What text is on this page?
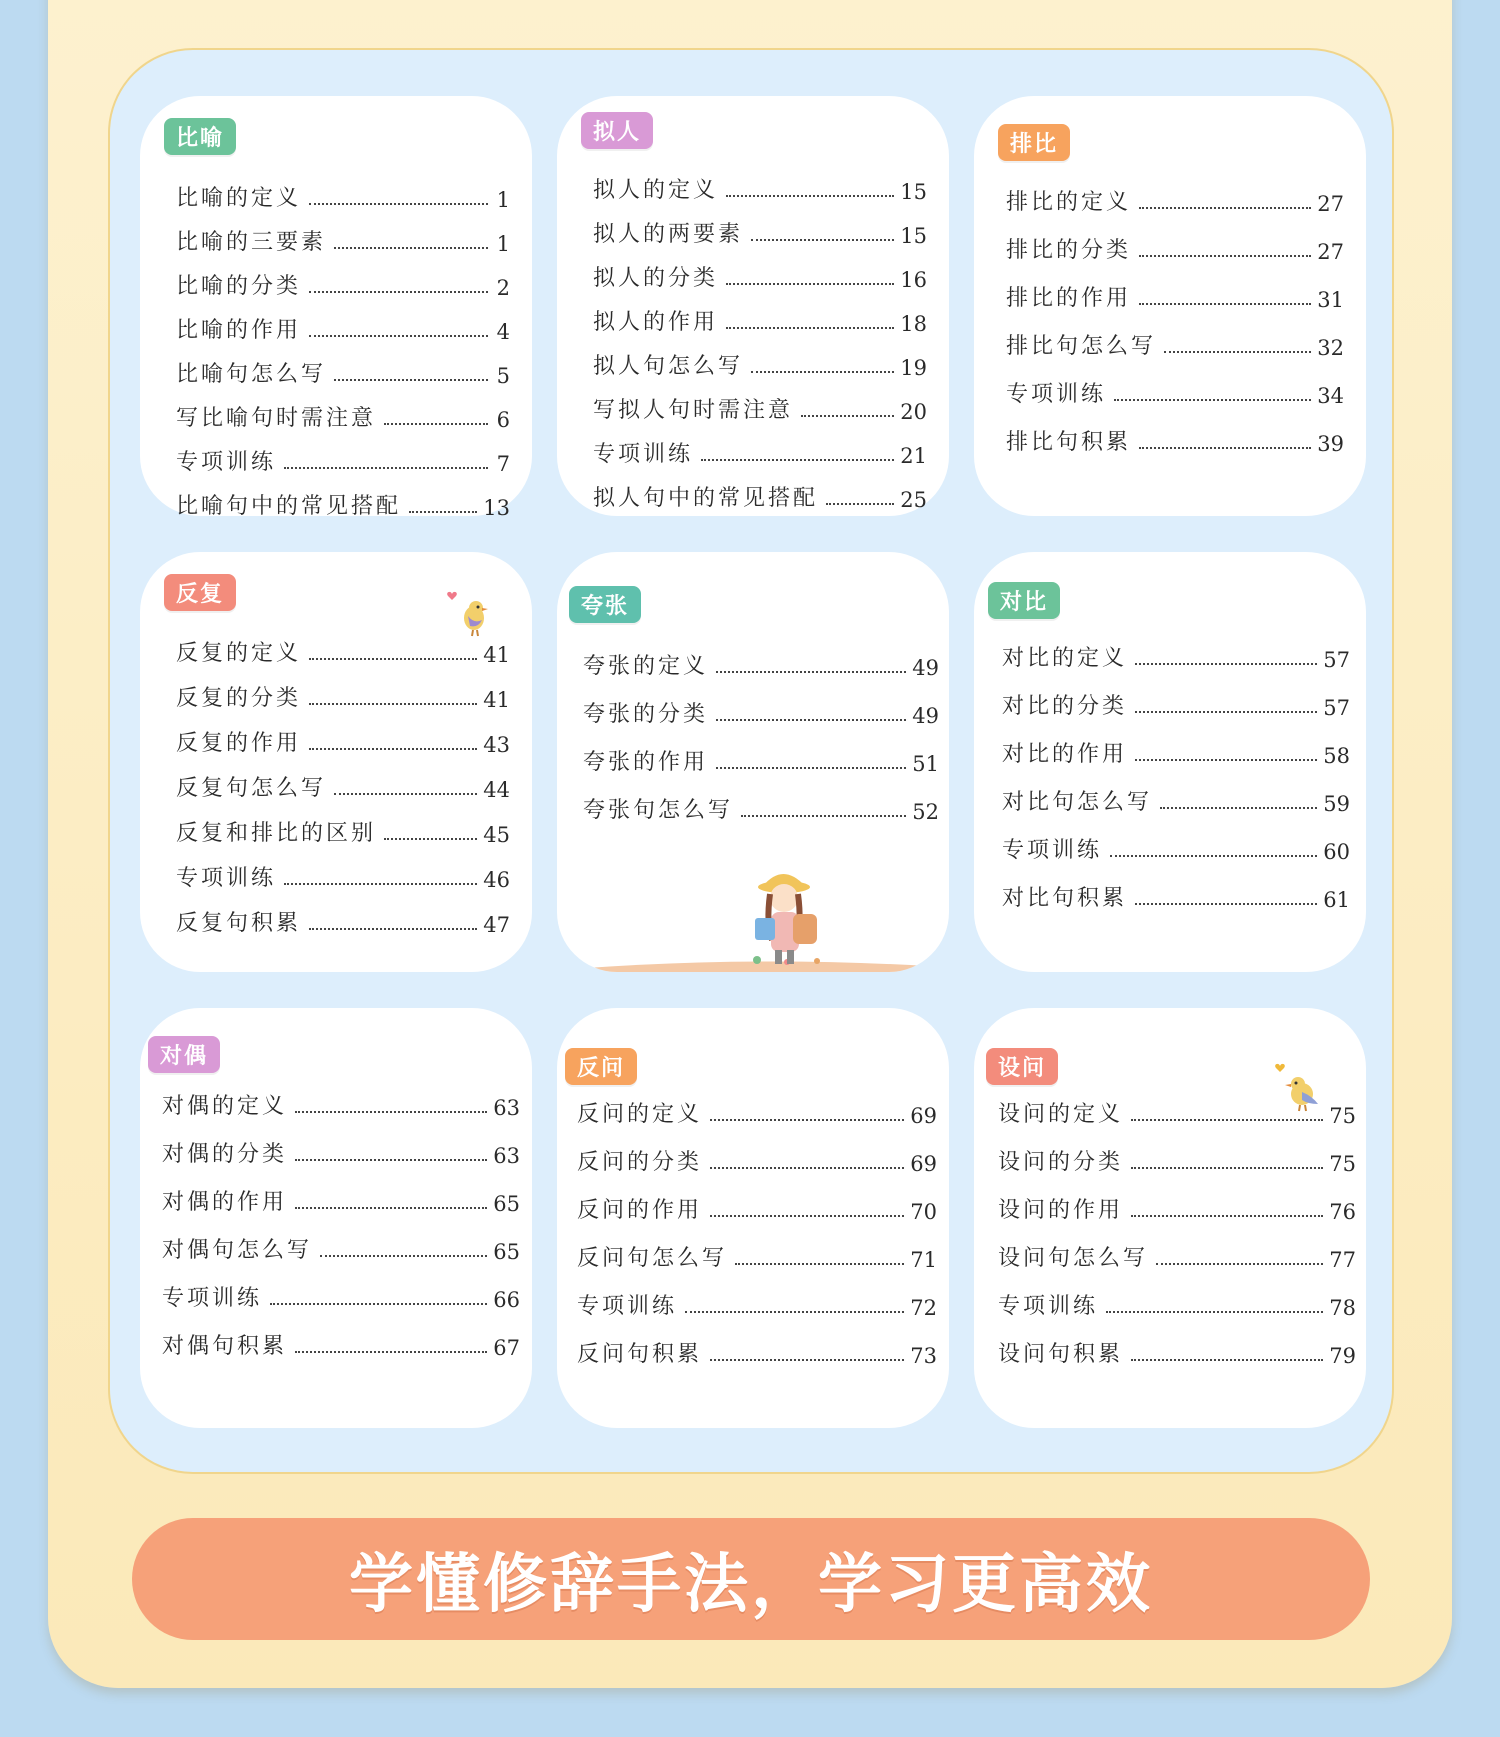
比喻
比喻的定义	1
比喻的三要素	1
比喻的分类	2
比喻的作用	4
比喻句怎么写	5
写比喻句时需注意	6
专项训练	7
比喻句中的常见搭配	13
拟人
拟人的定义	15
拟人的两要素	15
拟人的分类	16
拟人的作用	18
拟人句怎么写	19
写拟人句时需注意	20
专项训练	21
拟人句中的常见搭配	25
排比
排比的定义	27
排比的分类	27
排比的作用	31
排比句怎么写	32
专项训练	34
排比句积累	39
反复
反复的定义	41
反复的分类	41
反复的作用	43
反复句怎么写	44
反复和排比的区别	45
专项训练	46
反复句积累	47
夸张
夸张的定义	49
夸张的分类	49
夸张的作用	51
夸张句怎么写	52
对比
对比的定义	57
对比的分类	57
对比的作用	58
对比句怎么写	59
专项训练	60
对比句积累	61
对偶
对偶的定义	63
对偶的分类	63
对偶的作用	65
对偶句怎么写	65
专项训练	66
对偶句积累	67
反问
反问的定义	69
反问的分类	69
反问的作用	70
反问句怎么写	71
专项训练	72
反问句积累	73
设问
设问的定义	75
设问的分类	75
设问的作用	76
设问句怎么写	77
专项训练	78
设问句积累	79
学懂修辞手法，学习更高效
